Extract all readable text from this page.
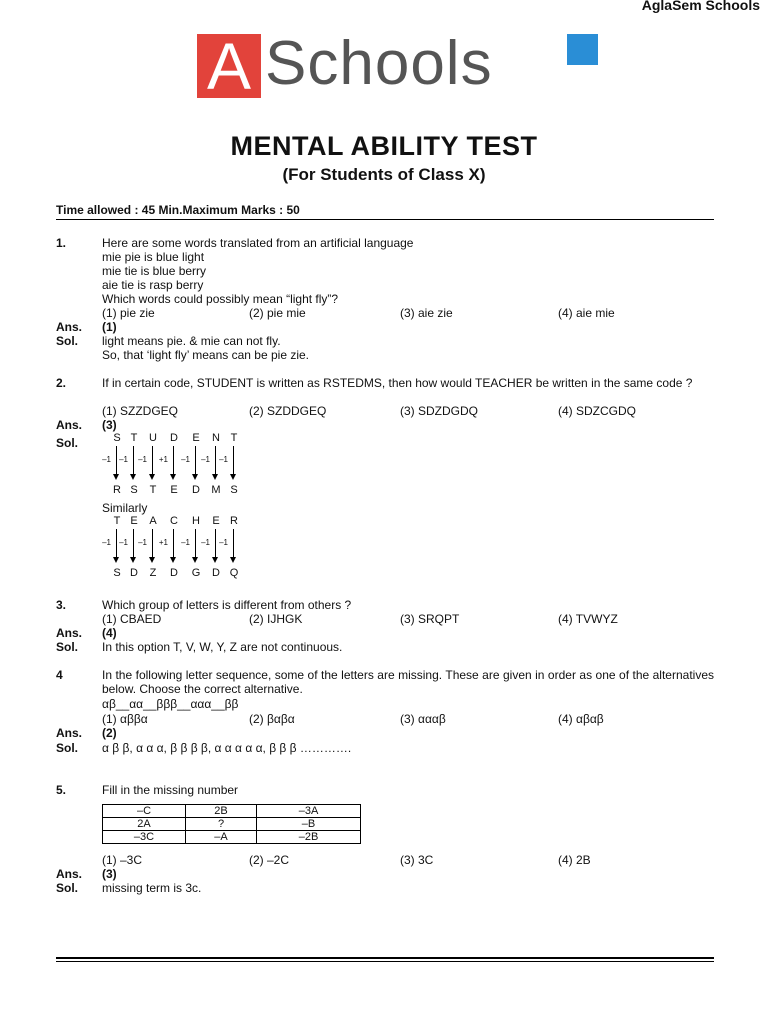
AglaSem Schools
A Schools
MENTAL ABILITY TEST
(For Students of Class X)
Time allowed : 45 Min.Maximum Marks : 50
1.	Here are some words translated from an artificial language
mie pie is blue light
mie tie is blue berry
aie tie is rasp berry
Which words could possibly mean “light fly”?
(1) pie zie	(2) pie mie	(3) aie zie	(4) aie mie
Ans. (1)
Sol. light means pie. & mie can not fly.
So, that ‘light fly’ means can be pie zie.
2.	If in certain code, STUDENT is written as RSTEDMS, then how would TEACHER be written in the same code ?
(1) SZZDGEQ	(2) SZDDGEQ	(3) SDZDGDQ	(4) SDZCGDQ
Ans. (3)
Sol.	S
–1
R
T
–1
S
U
–1
T
D
+1
E
E
–1
D
N
–1
M
T
–1
S
Similarly
T
–1
S
E
–1
D
A
–1
Z
C
+1
D
H
–1
G
E
–1
D
R
–1
Q
3.	Which group of letters is different from others ?
(1) CBAED	(2) IJHGK	(3) SRQPT	(4) TVWYZ
Ans. (4)
Sol. In this option T, V, W, Y, Z are not continuous.
4	In the following letter sequence, some of the letters are missing. These are given in order as one of the alternatives below. Choose the correct alternative.
αβ__αα__βββ__ααα__ββ
(1) αββα	(2) βαβα	(3) αααβ	(4) αβαβ
Ans. (2)
Sol. α β β, α α α, β β β β, α α α α α, β β β ………….
5.	Fill in the missing number
–C	2B	–3A
2A	?	–B
–3C	–A	–2B
(1) –3C	(2) –2C	(3) 3C	(4) 2B
Ans. (3)
Sol. missing term is 3c.
